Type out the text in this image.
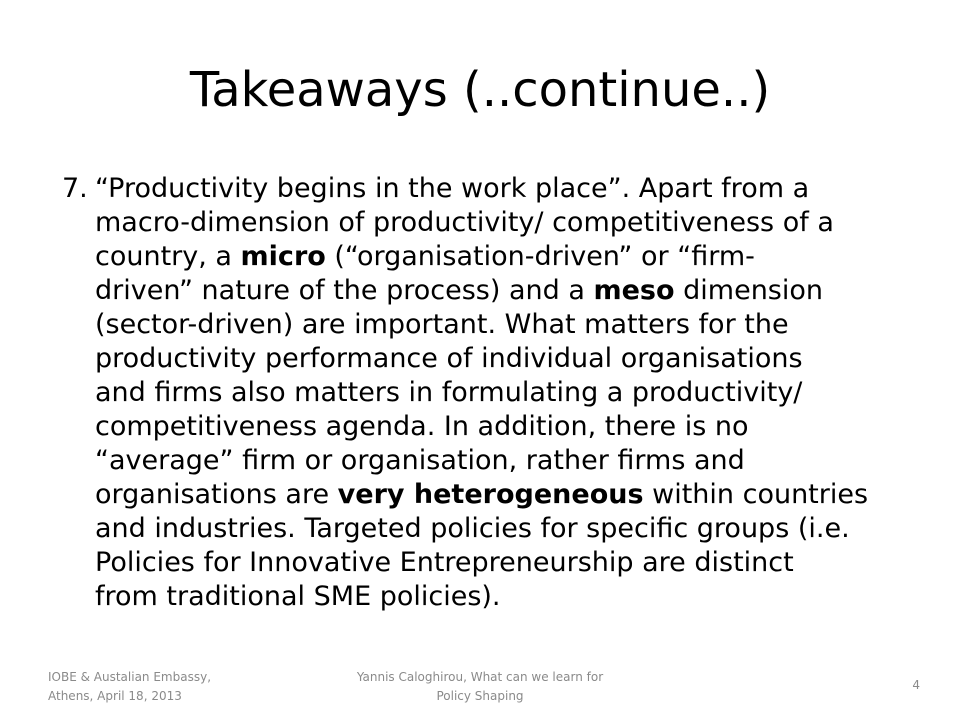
Takeaways (..continue..)
7. “Productivity begins in the work place”. Apart from a
macro-dimension of productivity/ competitiveness of a
country, a micro (“organisation-driven” or “firm-
driven” nature of the process) and a meso dimension
(sector-driven) are important. What matters for the
productivity performance of individual organisations
and firms also matters in formulating a productivity/
competitiveness agenda. In addition, there is no
“average” firm or organisation, rather firms and
organisations are very heterogeneous within countries
and industries. Targeted policies for specific groups (i.e.
Policies for Innovative Entrepreneurship are distinct
from traditional SME policies).
IOBE & Austalian Embassy,
Athens, April 18, 2013
Yannis Caloghirou, What can we learn for
Policy Shaping
4
